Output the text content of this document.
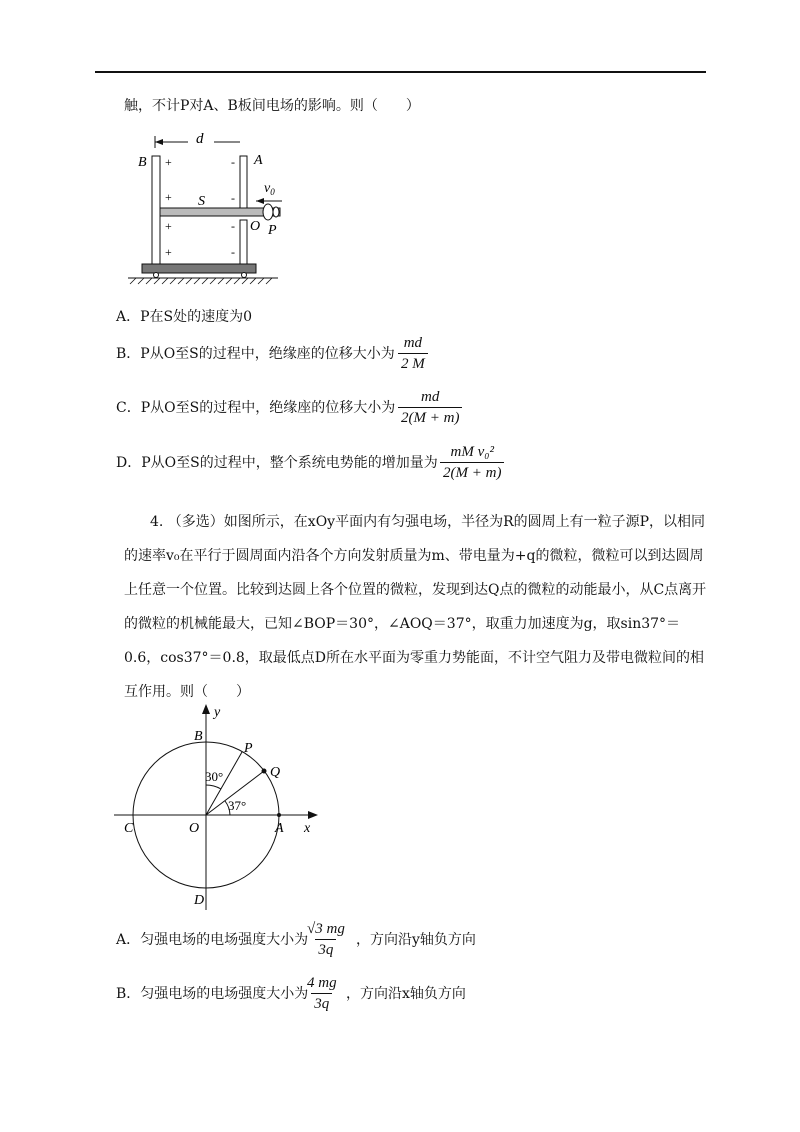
触，不计P对A、B板间电场的影响。则（　　）
d
B	A
+
+
+
+
-
-
-
-
S
O P
$v_0$
A．P在S处的速度为0
B．P从O至S的过程中，绝缘座的位移大小为 $\frac{md}{2 M}$
C．P从O至S的过程中，绝缘座的位移大小为 $\frac{md}{2(M + m)}$
D．P从O至S的过程中，整个系统电势能的增加量为 $\frac{\text{mM v₀²}}{2(M + m)}$
4. （多选）如图所示，在xOy平面内有匀强电场，半径为R的圆周上有一粒子源P，以相同的速率v₀在平行于圆周面内沿各个方向发射质量为m、带电量为+q的微粒，微粒可以到达圆周上任意一个位置。比较到达圆上各个位置的微粒，发现到达Q点的微粒的动能最小，从C点离开的微粒的机械能最大，已知∠BOP＝30°，∠AOQ＝37°，取重力加速度为g，取sin37°＝0.6，cos37°＝0.8，取最低点D所在水平面为零重力势能面，不计空气阻力及带电微粒间的相互作用。则（　　）
y
x
30°
37°
B
P
Q
C	O	A
D
A．匀强电场的电场强度大小为
$\frac{√3 mg}{3q}$ ，方向沿y轴负方向
B．匀强电场的电场强度大小为
$\frac{4 mg}{3q}$ ，方向沿x轴负方向
